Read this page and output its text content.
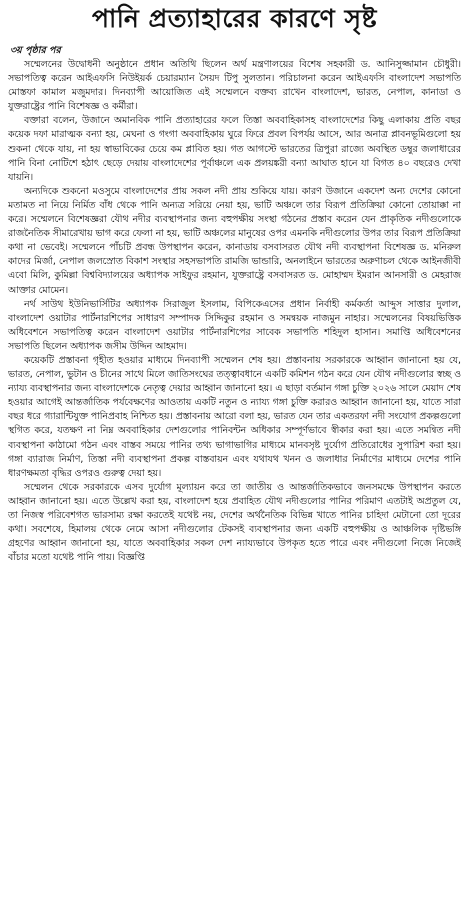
পানি প্রত্যাহারের কারণে সৃষ্ট
৩য় পৃষ্ঠার পর

সম্মেলনের উদ্বোধনী অনুষ্ঠানে প্রধান অতিথি ছিলেন অর্থ মন্ত্রণালয়ের বিশেষ সহকারী ড. আনিসুজ্জামান চৌধুরী। সভাপতিত্ব করেন আইএফসি নিউইয়র্ক চেয়ারম্যান সৈয়দ টিপু সুলতান। পরিচালনা করেন আইএফসি বাংলাদেশ সভাপতি মোস্তফা কামাল মজুমদার। দিনব্যাপী আয়োজিত এই সম্মেলনে বক্তব্য রাখেন বাংলাদেশ, ভারত, নেপাল, কানাডা ও যুক্তরাষ্ট্রের পানি বিশেষজ্ঞ ও কর্মীরা।

বক্তারা বলেন, উজানে অমানবিক পানি প্রত্যাহারের ফলে তিস্তা অববাহিকাসহ বাংলাদেশের কিছু এলাকায় প্রতি বছর কয়েক দফা মারাত্মক বন্যা হয়, মেঘনা ও গংগা অববাহিকায় ঘুরে ফিরে প্রবল বিপর্যয় আসে, আর অনাত্র প্লাবনভূমিগুলো হয় শুকনা থেকে যায়, না হয় স্বাভাবিকের চেয়ে কম প্লাবিত হয়। গত আগস্টে ভারতের ত্রিপুরা রাজ্যে অবস্থিত ডম্বুর জলাধারের পানি বিনা নোটিশে হঠাৎ ছেড়ে দেয়ায় বাংলাদেশের পূর্বাঞ্চলে এক প্রলয়ঙ্করী বন্যা আঘাত হানে যা বিগত ৪০ বছরেও দেখা যায়নি।

অন্যদিকে শুকনো মওসুমে বাংলাদেশের প্রায় সকল নদী প্রায় শুকিয়ে যায়। কারণ উজানে একদেশ অন্য দেশের কোনো মতামত না নিয়ে নির্মিত বাঁধ থেকে পানি অন্যত্র সরিয়ে নেয়া হয়, ভাটি অঞ্চলে তার বিরূপ প্রতিক্রিয়া কোনো তোয়াক্কা না করে। সম্মেলনে বিশেষজ্ঞরা যৌথ নদীর ব্যবস্থাপনার জন্য বহুপক্ষীয় সংস্থা গঠনের প্রস্তাব করেন যেন প্রাকৃতিক নদীগুলোকে রাজনৈতিক সীমারেখায় ভাগ করে ফেলা না হয়, ভাটি অঞ্চলের মানুষের ওপর এমনকি নদীগুলোর উপর তার বিরূপ প্রতিক্রিয়া কথা না ভেবেই। সম্মেলনে পাঁচটি প্রবন্ধ উপস্থাপন করেন, কানাডায় বসবাসরত যৌথ নদী ব্যবস্থাপনা বিশেষজ্ঞ ড. মনিরুল কাদের মির্জা, নেপাল জলস্রোত বিকাশ সংস্থার সহসভাপতি রামজি ভান্ডারি, অনলাইনে ভারতের অরুণাচল থেকে আইনজীবী এবো মিলি, কুমিল্লা বিশ্ববিদ্যালয়ের অধ্যাপক সাইফুর রহমান, যুক্তরাষ্ট্রে বসবাসরত ড. মোহাম্মদ ইমরান আনসারী ও মেহরাজ আক্তার মোমেন।

নর্থ সাউথ ইউনিভার্সিটির অধ্যাপক সিরাজুল ইসলাম, বিপিকেএসের প্রধান নির্বাহী কর্মকর্তা আব্দুস সাত্তার দুলাল, বাংলাদেশ ওয়াটার পার্টনারশিপের সাধারণ সম্পাদক সিদ্দিকুর রহমান ও সমন্বয়ক নাজমুন নাহার। সম্মেলনের বিষয়ভিত্তিক অধিবেশনে সভাপতিত্ব করেন বাংলাদেশ ওয়াটার পার্টনারশিপের সাবেক সভাপতি শহিদুল হাসান। সমাপ্তি অধিবেশনের সভাপতি ছিলেন অধ্যাপক জসীম উদ্দিন আহমাদ।

কয়েকটি প্রস্তাবনা গৃহীত হওয়ার মাধ্যমে দিনব্যাপী সম্মেলন শেষ হয়। প্রস্তাবনায় সরকারকে আহ্বান জানানো হয় যে, ভারত, নেপাল, ভুটান ও চীনের সাথে মিলে জাতিসংঘের তত্ত্বাবধানে একটি কমিশন গঠন করে যেন যৌথ নদীগুলোর স্বচ্ছ ও ন্যায্য ব্যবস্থাপনার জন্য বাংলাদেশকে নেতৃত্ব দেয়ার আহ্বান জানানো হয়। এ ছাড়া বর্তমান গঙ্গা চুক্তি ২০২৬ সালে মেয়াদ শেষ হওয়ার আগেই আন্তর্জাতিক পর্যবেক্ষণের আওতায় একটি নতুন ও ন্যায্য গঙ্গা চুক্তি করারও আহ্বান জানানো হয়, যাতে সারা বছর ধরে গ্যারান্টিযুক্ত পানিপ্রবাহ নিশ্চিত হয়। প্রস্তাবনায় আরো বলা হয়, ভারত যেন তার একতরফা নদী সংযোগ প্রকল্পগুলো স্থগিত করে, যতক্ষণ না নিম্ন অববাহিকার দেশগুলোর পানিবন্টন অধিকার সম্পূর্ণভাবে স্বীকার করা হয়। এতে সমন্বিত নদী ব্যবস্থাপনা কাঠামো গঠন এবং বাস্তব সময়ে পানির তথ্য ভাগাভাগির মাধ্যমে মানবসৃষ্ট দুর্যোগ প্রতিরোধের সুপারিশ করা হয়। গঙ্গা ব্যারাজ নির্মাণ, তিস্তা নদী ব্যবস্থাপনা প্রকল্প বাস্তবায়ন এবং যথাযথ খনন ও জলাধার নির্মাণের মাধ্যমে দেশের পানি ধারণক্ষমতা বৃদ্ধির ওপরও গুরুত্ব দেয়া হয়।

সম্মেলন থেকে সরকারকে এসব দুর্যোগ মূল্যায়ন করে তা জাতীয় ও আন্তর্জাতিকভাবে জনসমক্ষে উপস্থাপন করতে আহ্বান জানানো হয়। এতে উল্লেখ করা হয়, বাংলাদেশ হয়ে প্রবাহিত যৌথ নদীগুলোর পানির পরিমাণ এতটাই অপ্রতুল যে, তা নিজস্ব পরিবেশগত ভারসাম্য রক্ষা করতেই যথেষ্ট নয়, দেশের অর্থনৈতিক বিভিন্ন খাতে পানির চাহিদা মেটানো তো দূরের কথা। সবশেষে, হিমালয় থেকে নেমে আসা নদীগুলোর টেকসই ব্যবস্থাপনার জন্য একটি বহুপক্ষীয় ও আঞ্চলিক দৃষ্টিভঙ্গি গ্রহণের আহ্বান জানানো হয়, যাতে অববাহিকার সকল দেশ ন্যায্যভাবে উপকৃত হতে পারে এবং নদীগুলো নিজে নিজেই বাঁচার মতো যথেষ্ট পানি পায়। বিজ্ঞপ্তি
